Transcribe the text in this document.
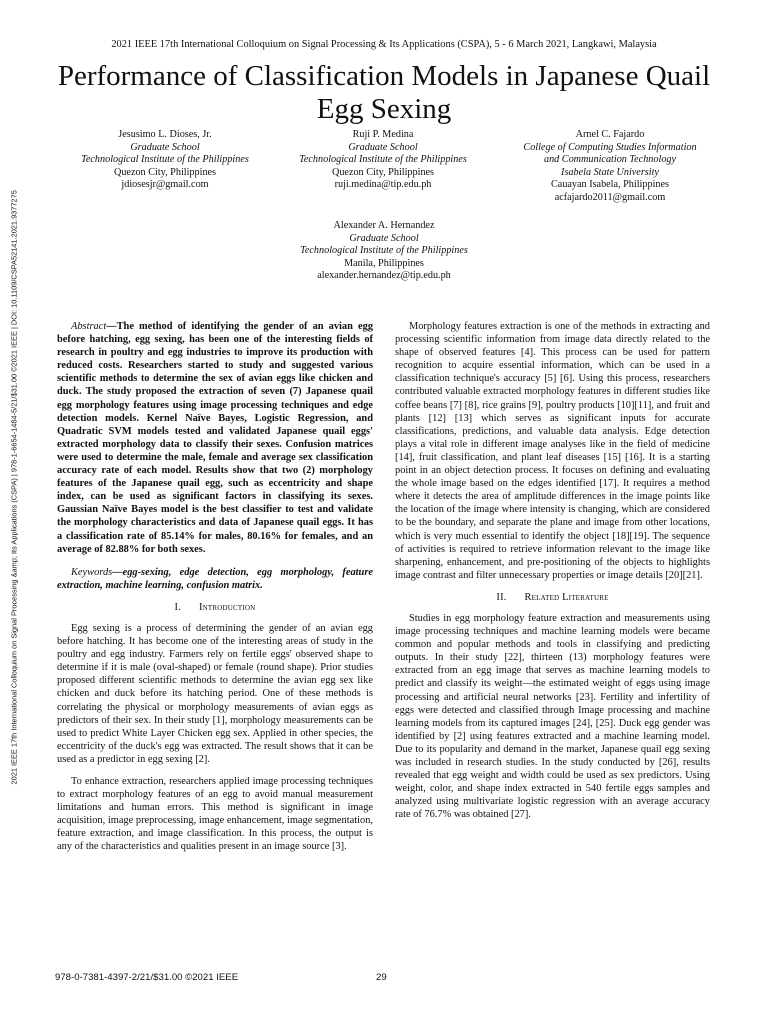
2021 IEEE 17th International Colloquium on Signal Processing & Its Applications (CSPA), 5 - 6 March 2021, Langkawi, Malaysia
Performance of Classification Models in Japanese Quail Egg Sexing
Jesusimo L. Dioses, Jr.
Graduate School
Technological Institute of the Philippines
Quezon City, Philippines
jdiosesjr@gmail.com
Ruji P. Medina
Graduate School
Technological Institute of the Philippines
Quezon City, Philippines
ruji.medina@tip.edu.ph
Arnel C. Fajardo
College of Computing Studies Information
and Communication Technology
Isabela State University
Cauayan Isabela, Philippines
acfajardo2011@gmail.com
Alexander A. Hernandez
Graduate School
Technological Institute of the Philippines
Manila, Philippines
alexander.hernandez@tip.edu.ph
2021 IEEE 17th International Colloquium on Signal Processing &amp; Its Applications (CSPA) | 978-1-6654-1484-5/21/$31.00 ©2021 IEEE | DOI: 10.1109/CSPA52141.2021.9377275	Abstract—The method of identifying the gender of an avian egg before hatching, egg sexing, has been one of the interesting fields of research in poultry and egg industries to improve its production with reduced costs. Researchers started to study and suggested various scientific methods to determine the sex of avian eggs like chicken and duck. The study proposed the extraction of seven (7) Japanese quail egg morphology features using image processing techniques and edge detection models. Kernel Naïve Bayes, Logistic Regression, and Quadratic SVM models tested and validated Japanese quail eggs' extracted morphology data to classify their sexes. Confusion matrices were used to determine the male, female and average sex classification accuracy rate of each model. Results show that two (2) morphology features of the Japanese quail egg, such as eccentricity and shape index, can be used as significant factors in classifying its sexes. Gaussian Naïve Bayes model is the best classifier to test and validate the morphology characteristics and data of Japanese quail eggs. It has a classification rate of 85.14% for males, 80.16% for females, and an average of 82.88% for both sexes.

Keywords—egg-sexing, edge detection, egg morphology, feature extraction, machine learning, confusion matrix.

I. Introduction

Egg sexing is a process of determining the gender of an avian egg before hatching. It has become one of the interesting areas of study in the poultry and egg industry. Farmers rely on fertile eggs' observed shape to determine if it is male (oval-shaped) or female (round shape). Prior studies proposed different scientific methods to determine the avian egg sex like chicken and duck before its hatching period. One of these methods is correlating the physical or morphology measurements of avian eggs as predictors of their sex. In their study [1], morphology measurements can be used to predict White Layer Chicken egg sex. Applied in other species, the eccentricity of the duck's egg was extracted. The result shows that it can be used as a predictor in egg sexing [2].

To enhance extraction, researchers applied image processing techniques to extract morphology features of an egg to avoid manual measurement limitations and human errors. This method is significant in image acquisition, image preprocessing, image enhancement, image segmentation, feature extraction, and image classification. In this process, the output is any of the characteristics and qualities present in an image source [3].

Morphology features extraction is one of the methods in extracting and processing scientific information from image data directly related to the shape of observed features [4]. This process can be used for pattern recognition to acquire essential information, which can be used in a classification technique's accuracy [5] [6]. Using this process, researchers contributed valuable extracted morphology features in different studies like coffee beans [7] [8], rice grains [9], poultry products [10][11], and fruit and plants [12] [13] which serves as significant inputs for accurate classifications, predictions, and valuable data analysis. Edge detection plays a vital role in different image analyses like in the field of medicine [14], fruit classification, and plant leaf diseases [15] [16]. It is a starting point in an object detection process. It focuses on defining and evaluating the whole image based on the edges identified [17]. It requires a method where it detects the area of amplitude differences in the image points like the location of the image where intensity is changing, which are considered to be the boundary, and separate the plane and image from other locations, which is very much essential to identify the object [18][19]. The sequence of activities is required to retrieve information relevant to the image like sharpening, enhancement, and pre-positioning of the objects to highlights image contrast and filter unnecessary properties or image details [20][21].

II. Related Literature

Studies in egg morphology feature extraction and measurements using image processing techniques and machine learning models were became common and popular methods and tools in classifying and predicting outputs. In their study [22], thirteen (13) morphology features were extracted from an egg image that serves as machine learning models to predict and classify its weight—the estimated weight of eggs using image processing and artificial neural networks [23]. Fertility and infertility of eggs were detected and classified through Image processing and machine learning models from its captured images [24], [25]. Duck egg gender was identified by [2] using features extracted and a machine learning model. Due to its popularity and demand in the market, Japanese quail egg sexing was included in research studies. In the study conducted by [26], results revealed that egg weight and width could be used as sex predictors. Using weight, color, and shape index extracted in 540 fertile eggs samples and analyzed using multivariate logistic regression with an average accuracy rate of 76.7% was obtained [27].

978-0-7381-4397-2/21/$31.00 ©2021 IEEE	29
